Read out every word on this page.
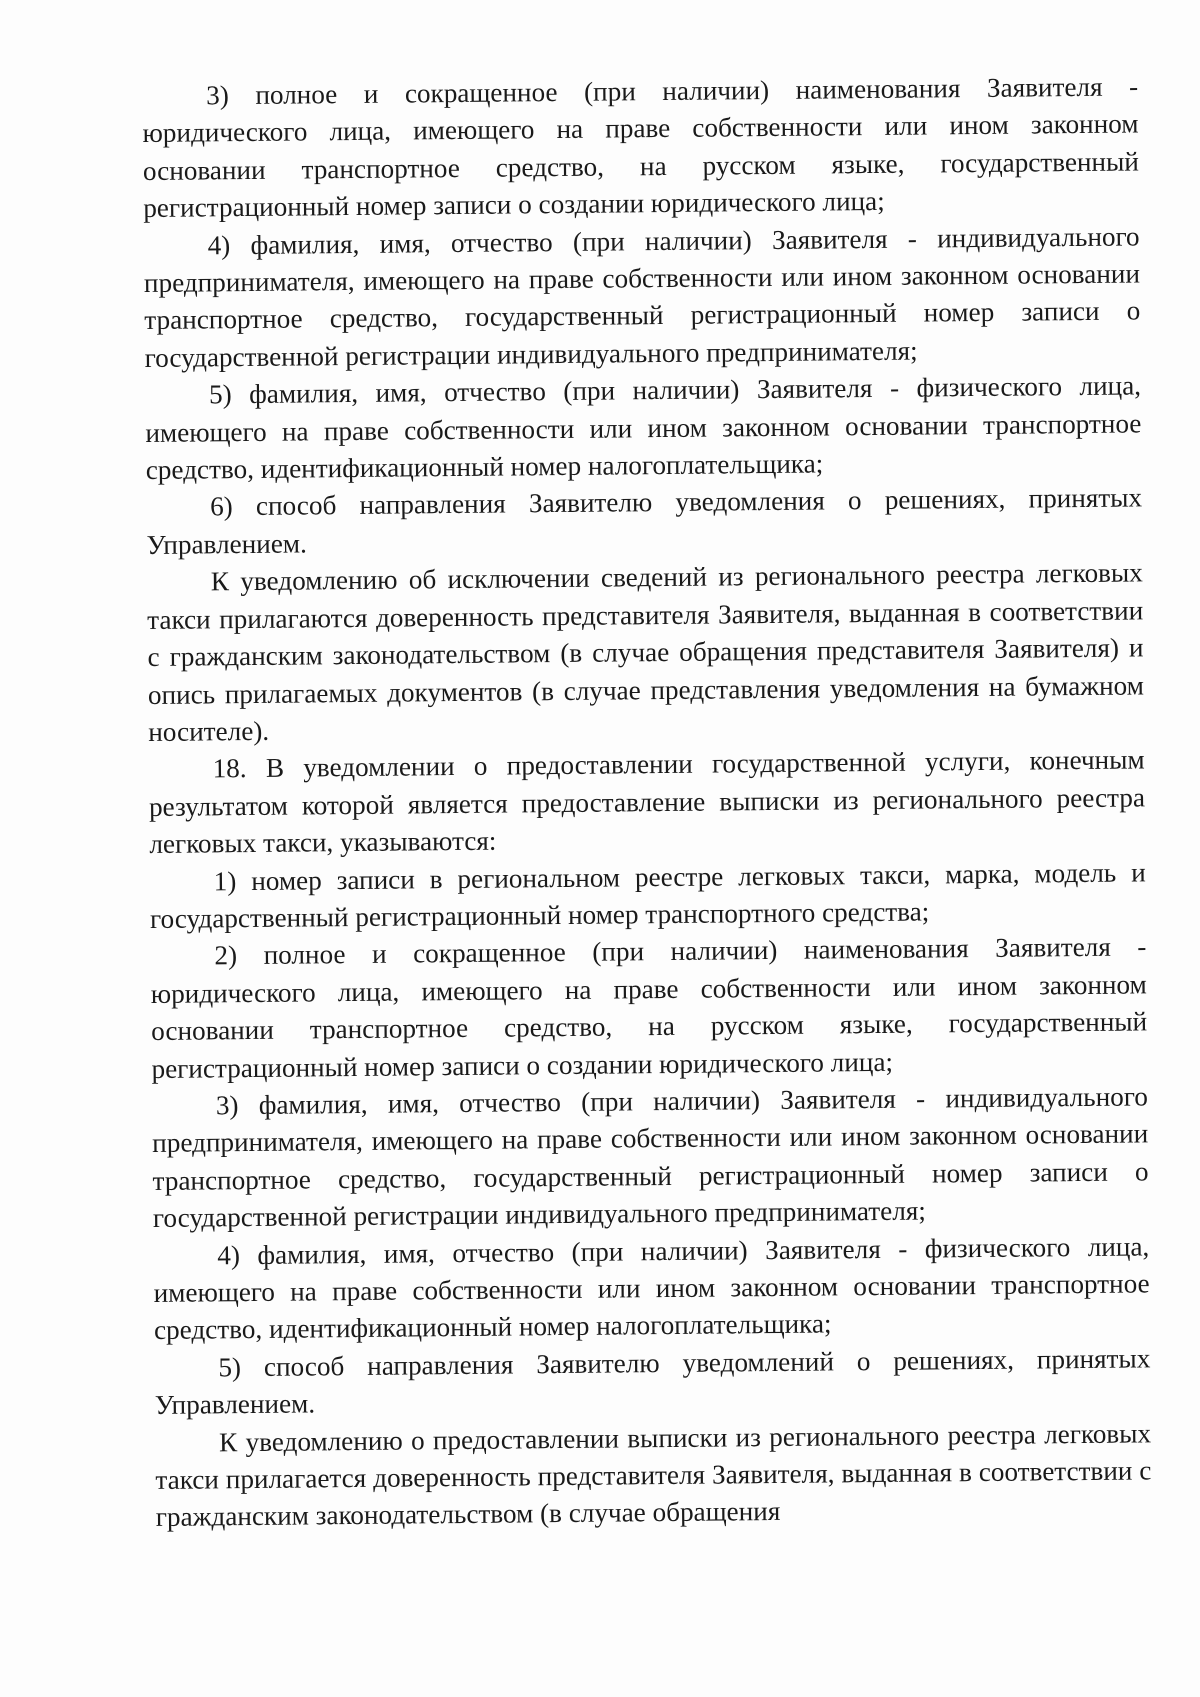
3) полное и сокращенное (при наличии) наименования Заявителя - юридического лица, имеющего на праве собственности или ином законном основании транспортное средство, на русском языке, государственный регистрационный номер записи о создании юридического лица;

4) фамилия, имя, отчество (при наличии) Заявителя - индивидуального предпринимателя, имеющего на праве собственности или ином законном основании транспортное средство, государственный регистрационный номер записи о государственной регистрации индивидуального предпринимателя;

5) фамилия, имя, отчество (при наличии) Заявителя - физического лица, имеющего на праве собственности или ином законном основании транспортное средство, идентификационный номер налогоплательщика;

6) способ направления Заявителю уведомления о решениях, принятых Управлением.

К уведомлению об исключении сведений из регионального реестра легковых такси прилагаются доверенность представителя Заявителя, выданная в соответствии с гражданским законодательством (в случае обращения представителя Заявителя) и опись прилагаемых документов (в случае представления уведомления на бумажном носителе).

18. В уведомлении о предоставлении государственной услуги, конечным результатом которой является предоставление выписки из регионального реестра легковых такси, указываются:

1) номер записи в региональном реестре легковых такси, марка, модель и государственный регистрационный номер транспортного средства;

2) полное и сокращенное (при наличии) наименования Заявителя - юридического лица, имеющего на праве собственности или ином законном основании транспортное средство, на русском языке, государственный регистрационный номер записи о создании юридического лица;

3) фамилия, имя, отчество (при наличии) Заявителя - индивидуального предпринимателя, имеющего на праве собственности или ином законном основании транспортное средство, государственный регистрационный номер записи о государственной регистрации индивидуального предпринимателя;

4) фамилия, имя, отчество (при наличии) Заявителя - физического лица, имеющего на праве собственности или ином законном основании транспортное средство, идентификационный номер налогоплательщика;

5) способ направления Заявителю уведомлений о решениях, принятых Управлением.

К уведомлению о предоставлении выписки из регионального реестра легковых такси прилагается доверенность представителя Заявителя, выданная в соответствии с гражданским законодательством (в случае обращения
